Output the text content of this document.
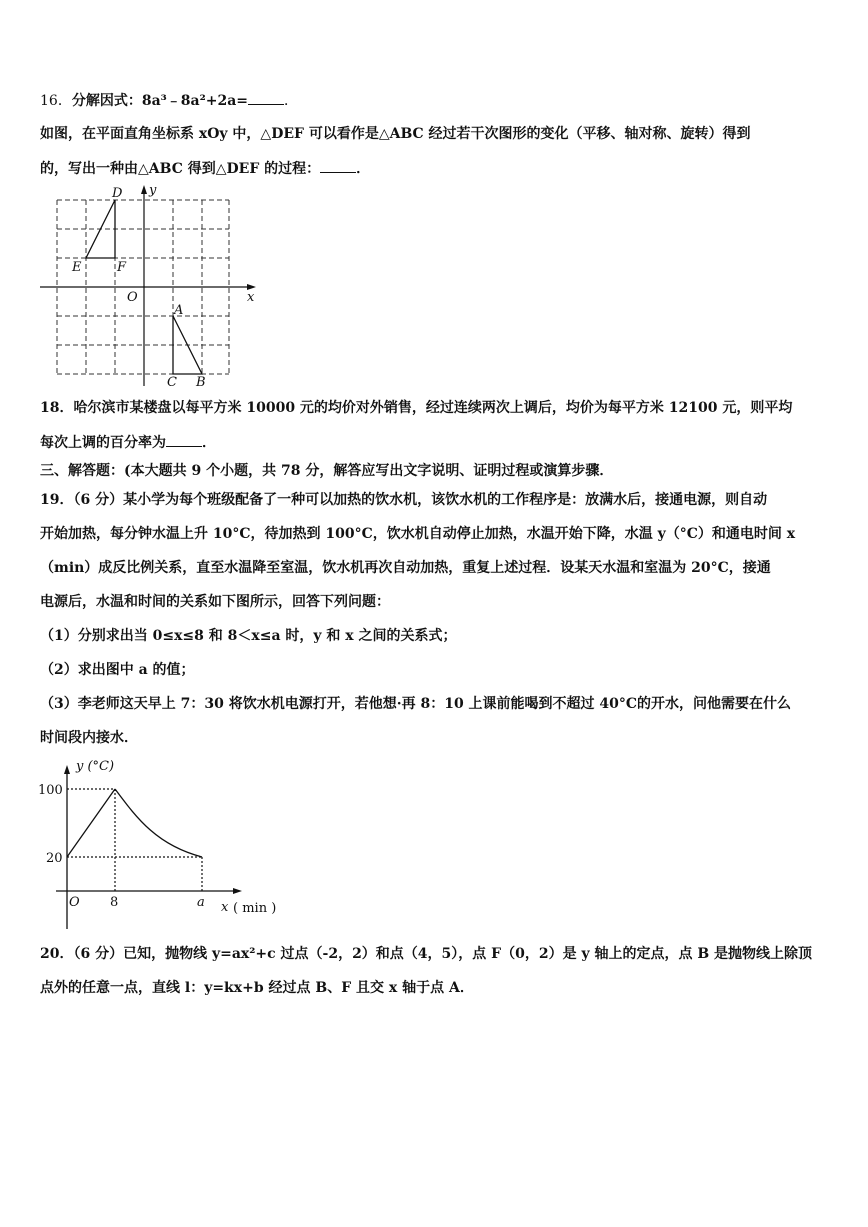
16．分解因式：8a³﹣8a²+2a=	．
如图，在平面直角坐标系 xOy 中，△DEF 可以看作是△ABC 经过若干次图形的变化（平移、轴对称、旋转）得到
的，写出一种由△ABC 得到△DEF 的过程：	．
D
E	F
O
A
C B
x
y
18．哈尔滨市某楼盘以每平方米 10000 元的均价对外销售，经过连续两次上调后，均价为每平方米 12100 元，则平均
每次上调的百分率为	．
三、解答题：(本大题共 9 个小题，共 78 分，解答应写出文字说明、证明过程或演算步骤．
19．（6 分）某小学为每个班级配备了一种可以加热的饮水机，该饮水机的工作程序是：放满水后，接通电源，则自动
开始加热，每分钟水温上升 10°C，待加热到 100°C，饮水机自动停止加热，水温开始下降，水温 y（°C）和通电时间 x
（min）成反比例关系，直至水温降至室温，饮水机再次自动加热，重复上述过程．设某天水温和室温为 20°C，接通
电源后，水温和时间的关系如下图所示，回答下列问题：
（1）分别求出当 0≤x≤8 和 8＜x≤a 时，y 和 x 之间的关系式；
（2）求出图中 a 的值；
（3）李老师这天早上 7：30 将饮水机电源打开，若他想·再 8：10 上课前能喝到不超过 40°C的开水，问他需要在什么
时间段内接水．
y (°C)
100
20
O 8	a x ( min )
20．（6 分）已知，抛物线 y=ax²+c 过点（-2，2）和点（4，5），点 F（0，2）是 y 轴上的定点，点 B 是抛物线上除顶
点外的任意一点，直线 l：y=kx+b 经过点 B、F 且交 x 轴于点 A．
